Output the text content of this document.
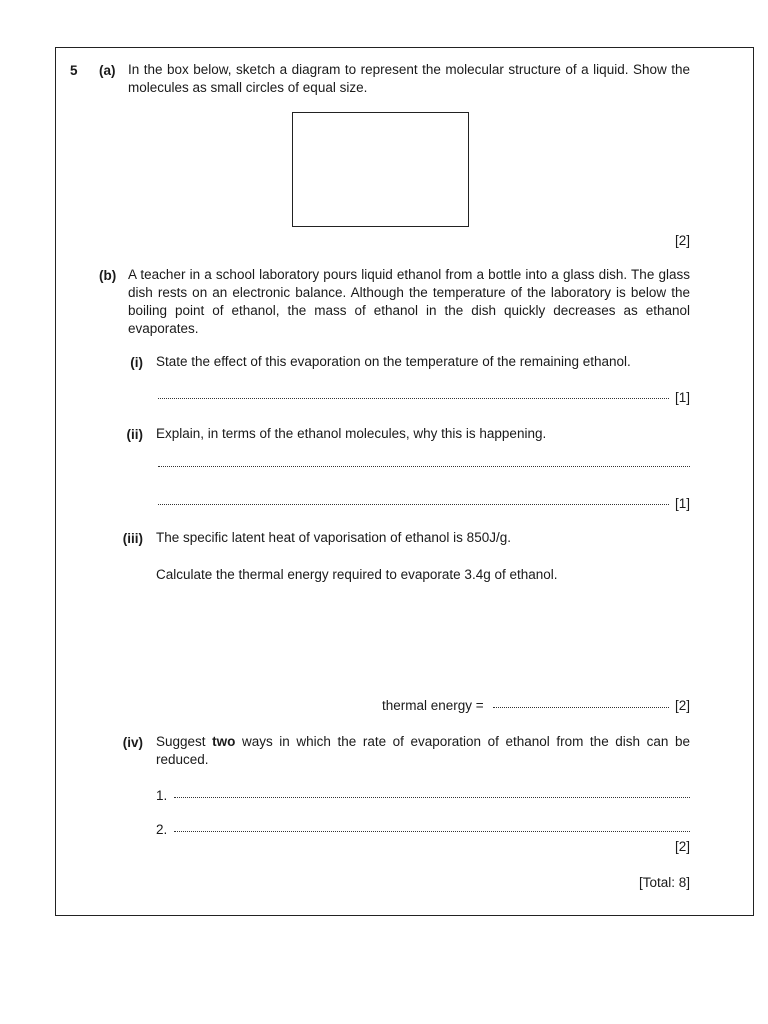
5 (a) In the box below, sketch a diagram to represent the molecular structure of a liquid. Show the molecules as small circles of equal size.
[2]
(b) A teacher in a school laboratory pours liquid ethanol from a bottle into a glass dish. The glass dish rests on an electronic balance. Although the temperature of the laboratory is below the boiling point of ethanol, the mass of ethanol in the dish quickly decreases as ethanol evaporates.
(i) State the effect of this evaporation on the temperature of the remaining ethanol.
[1]
(ii) Explain, in terms of the ethanol molecules, why this is happening.
[1]
(iii) The specific latent heat of vaporisation of ethanol is 850J/g.
Calculate the thermal energy required to evaporate 3.4g of ethanol.
thermal energy =	[2]
(iv) Suggest two ways in which the rate of evaporation of ethanol from the dish can be reduced.
1.
2.
[2]
[Total: 8]
